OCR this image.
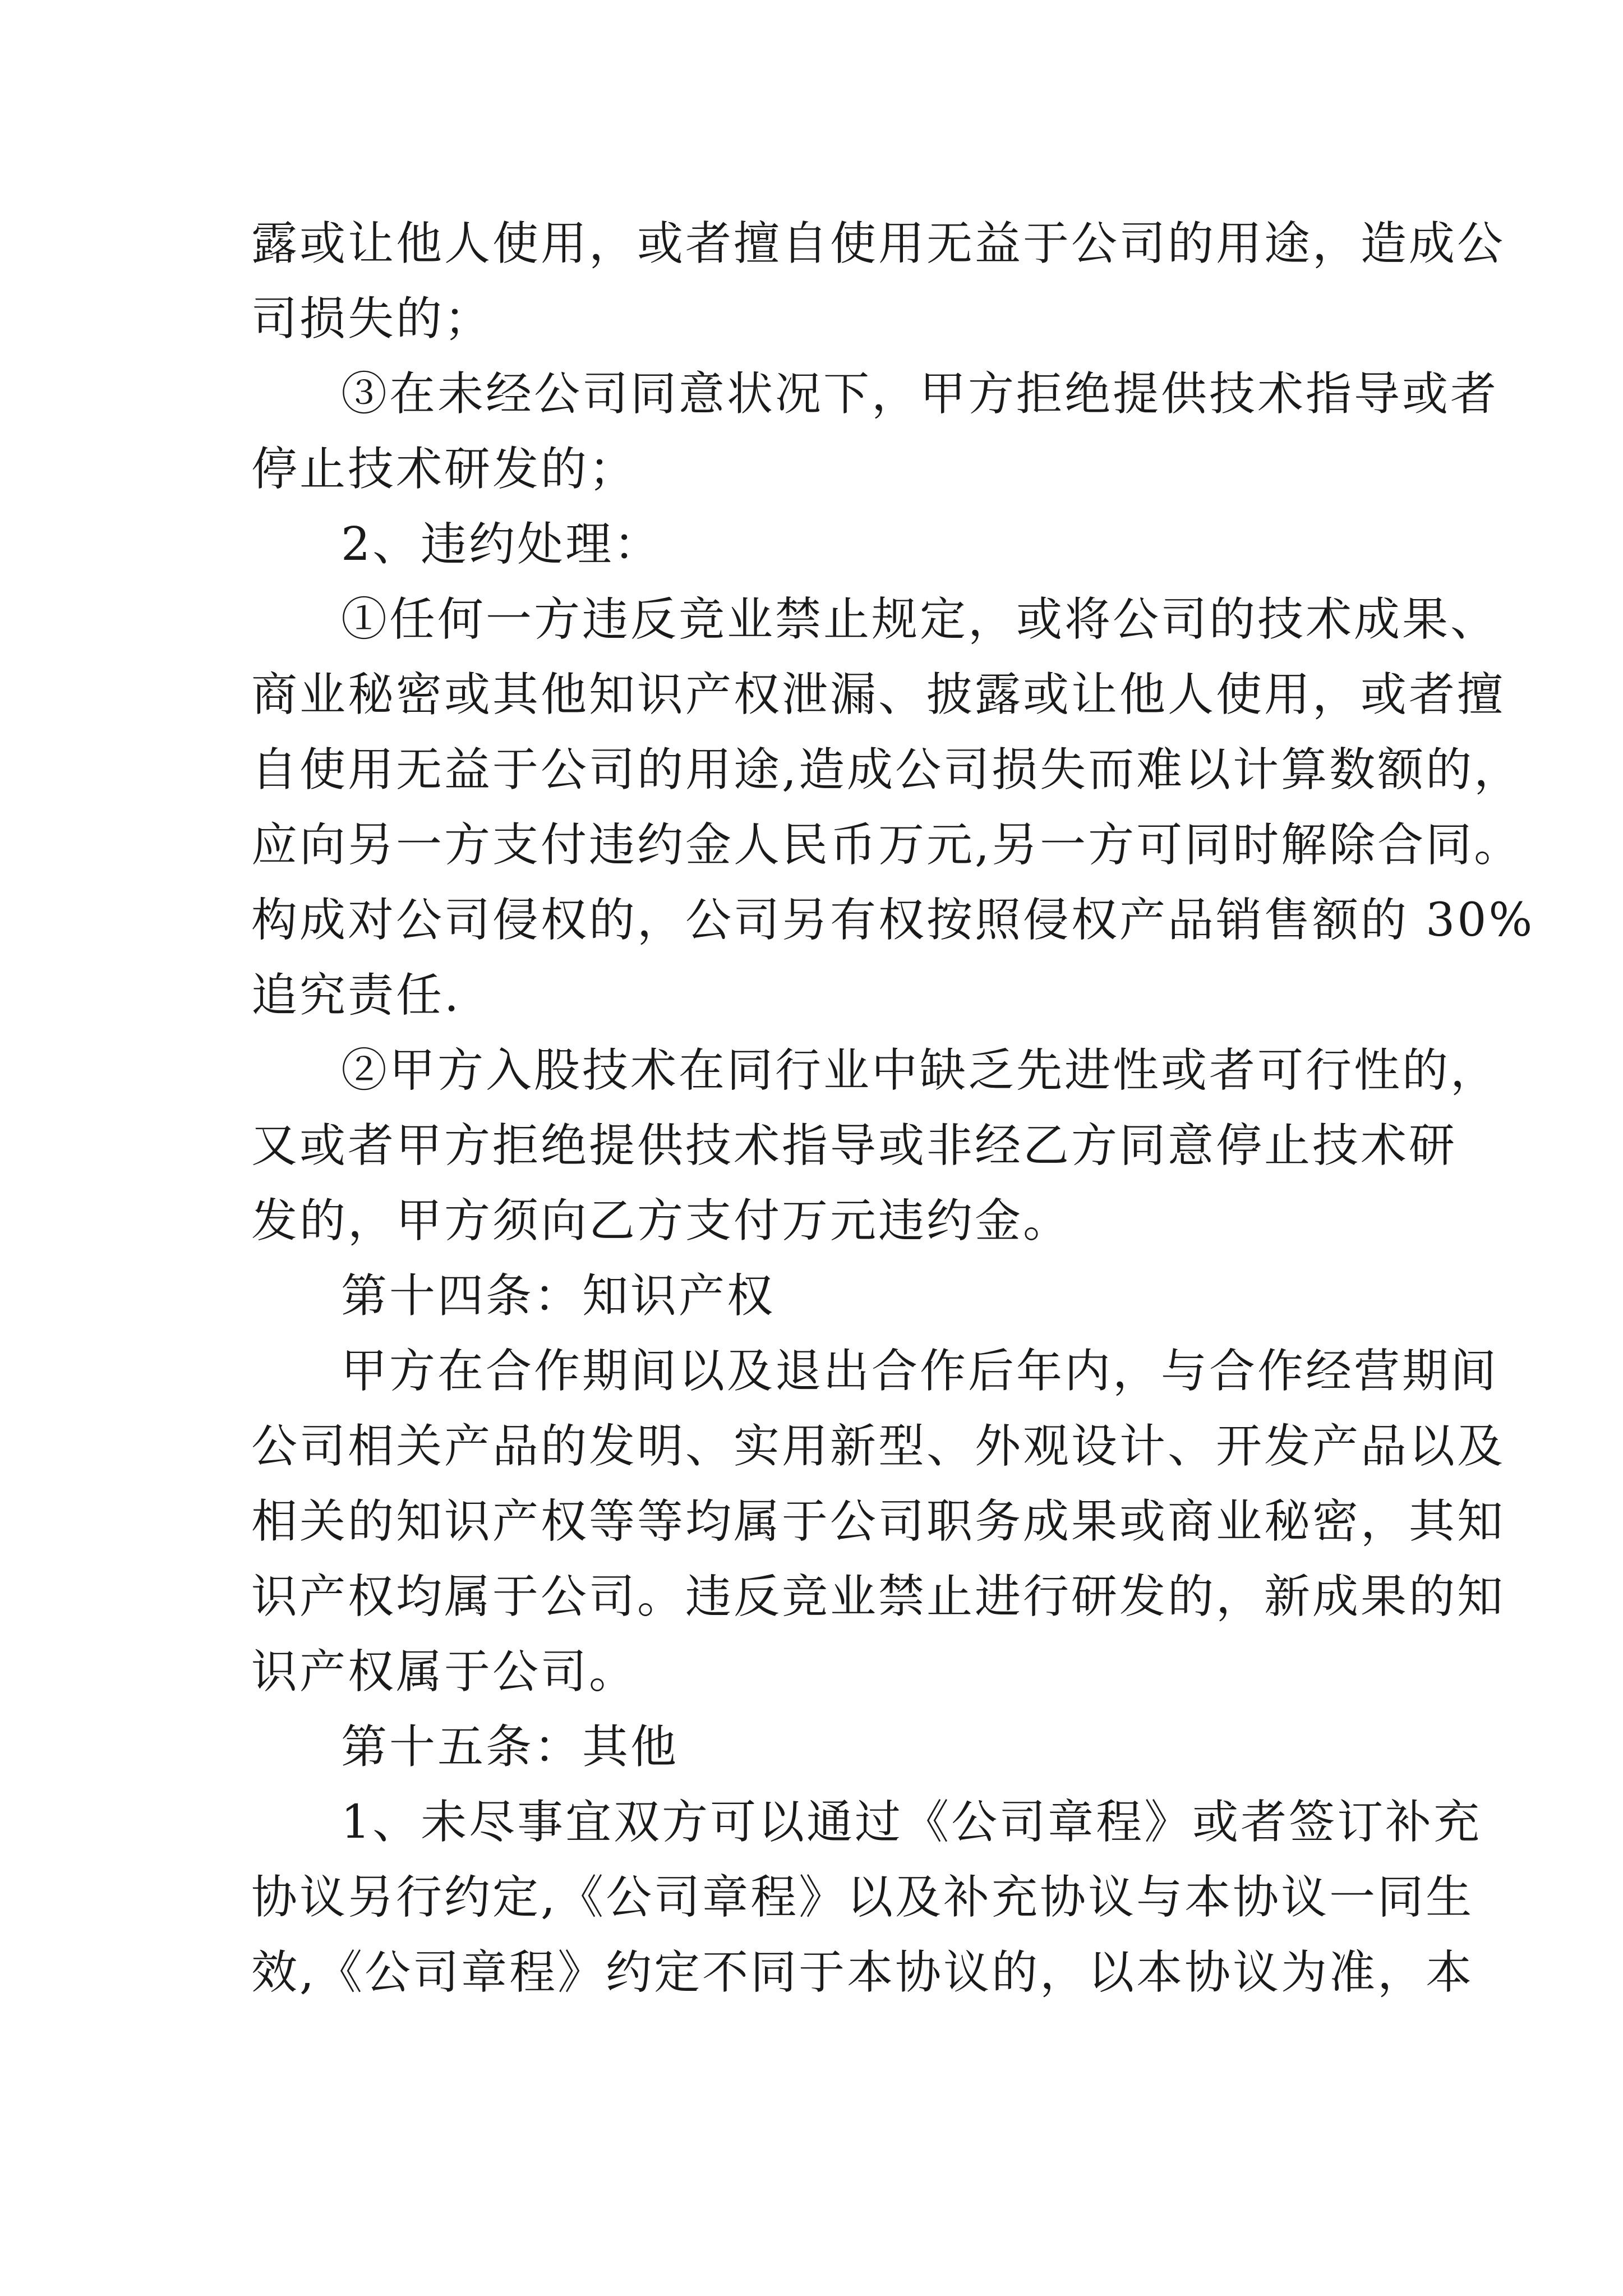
露或让他人使用，或者擅自使用无益于公司的用途，造成公
司损失的；
③在未经公司同意状况下，甲方拒绝提供技术指导或者
停止技术研发的；
2、违约处理：
①任何一方违反竞业禁止规定，或将公司的技术成果、
商业秘密或其他知识产权泄漏、披露或让他人使用，或者擅
自使用无益于公司的用途,造成公司损失而难以计算数额的，
应向另一方支付违约金人民币万元,另一方可同时解除合同。
构成对公司侵权的，公司另有权按照侵权产品销售额的 30%
追究责任.
②甲方入股技术在同行业中缺乏先进性或者可行性的，
又或者甲方拒绝提供技术指导或非经乙方同意停止技术研
发的，甲方须向乙方支付万元违约金。
第十四条：知识产权
甲方在合作期间以及退出合作后年内，与合作经营期间
公司相关产品的发明、实用新型、外观设计、开发产品以及
相关的知识产权等等均属于公司职务成果或商业秘密，其知
识产权均属于公司。违反竞业禁止进行研发的，新成果的知
识产权属于公司。
第十五条：其他
1、未尽事宜双方可以通过《公司章程》或者签订补充
协议另行约定,《公司章程》以及补充协议与本协议一同生
效,《公司章程》约定不同于本协议的，以本协议为准，本
